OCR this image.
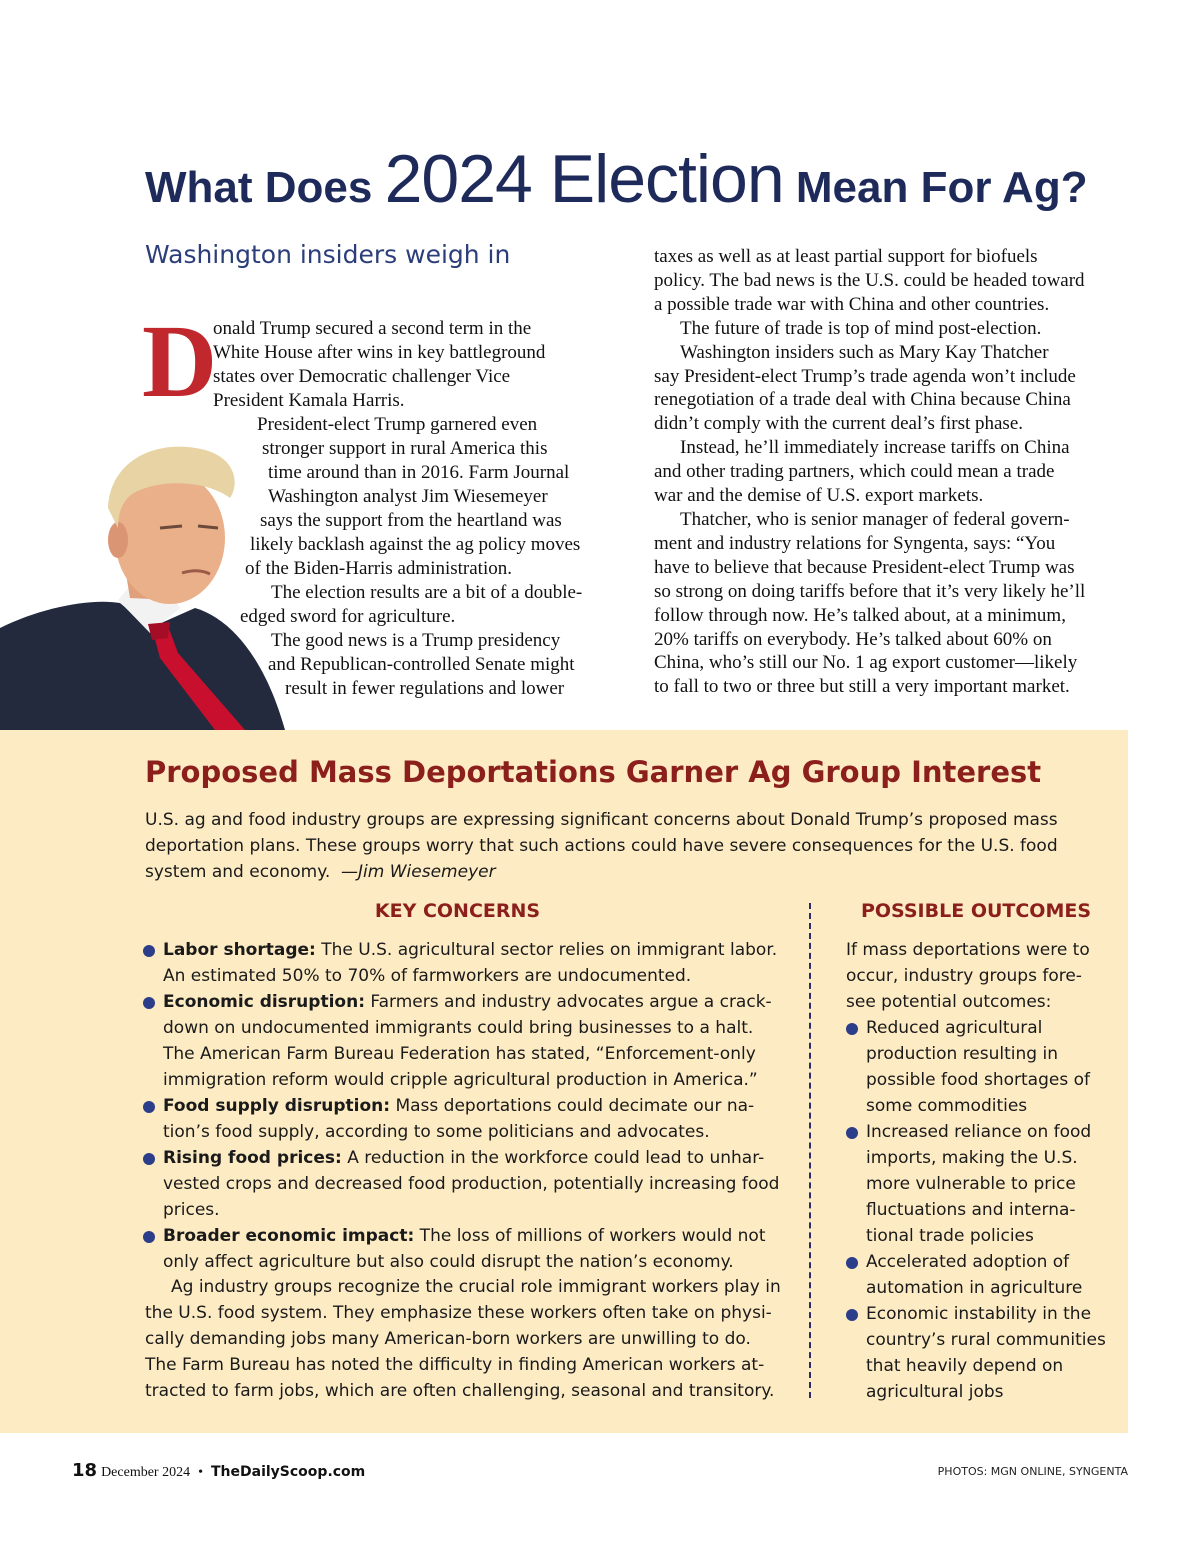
What Does 2024 Election Mean For Ag?
Washington insiders weigh in
D

onald Trump secured a second term in the

White House after wins in key battleground

states over Democratic challenger Vice

President Kamala Harris.

President-elect Trump garnered even
stronger support in rural America this
time around than in 2016. Farm Journal
Washington analyst Jim Wiesemeyer
says the support from the heartland was
likely backlash against the ag policy moves
of the Biden-Harris administration.
The election results are a bit of a double-
edged sword for agriculture.
The good news is a Trump presidency
and Republican-controlled Senate might
result in fewer regulations and lower

taxes as well as at least partial support for biofuels

policy. The bad news is the U.S. could be headed toward

a possible trade war with China and other countries.

The future of trade is top of mind post-election.

Washington insiders such as Mary Kay Thatcher

say President-elect Trump’s trade agenda won’t include

renegotiation of a trade deal with China because China

didn’t comply with the current deal’s first phase.

Instead, he’ll immediately increase tariffs on China

and other trading partners, which could mean a trade

war and the demise of U.S. export markets.

Thatcher, who is senior manager of federal govern-

ment and industry relations for Syngenta, says: “You

have to believe that because President-elect Trump was

so strong on doing tariffs before that it’s very likely he’ll

follow through now. He’s talked about, at a minimum,

20% tariffs on everybody. He’s talked about 60% on

China, who’s still our No. 1 ag export customer—likely

to fall to two or three but still a very important market.

Proposed Mass Deportations Garner Ag Group Interest
U.S. ag and food industry groups are expressing significant concerns about Donald Trump’s proposed mass deportation plans. These groups worry that such actions could have severe consequences for the U.S. food system and economy. —Jim Wiesemeyer
KEY CONCERNS	POSSIBLE OUTCOMES
Labor shortage: The U.S. agricultural sector relies on immigrant labor. An estimated 50% to 70% of farmworkers are undocumented.
Economic disruption: Farmers and industry advocates argue a crack-down on undocumented immigrants could bring businesses to a halt. The American Farm Bureau Federation has stated, “Enforcement-only immigration reform would cripple agricultural production in America.”
Food supply disruption: Mass deportations could decimate our na-tion’s food supply, according to some politicians and advocates.
Rising food prices: A reduction in the workforce could lead to unhar-vested crops and decreased food production, potentially increasing food prices.
Broader economic impact: The loss of millions of workers would not only affect agriculture but also could disrupt the nation’s economy.
Ag industry groups recognize the crucial role immigrant workers play in the U.S. food system. They emphasize these workers often take on physi-cally demanding jobs many American-born workers are unwilling to do. The Farm Bureau has noted the difficulty in finding American workers at-tracted to farm jobs, which are often challenging, seasonal and transitory.
If mass deportations were to occur, industry groups fore-see potential outcomes:
Reduced agricultural production resulting in possible food shortages of some commodities
Increased reliance on food imports, making the U.S. more vulnerable to price fluctuations and interna-tional trade policies
Accelerated adoption of automation in agriculture
Economic instability in the country’s rural communities that heavily depend on agricultural jobs
18 December 2024 • TheDailyScoop.com	PHOTOS: MGN ONLINE, SYNGENTA
